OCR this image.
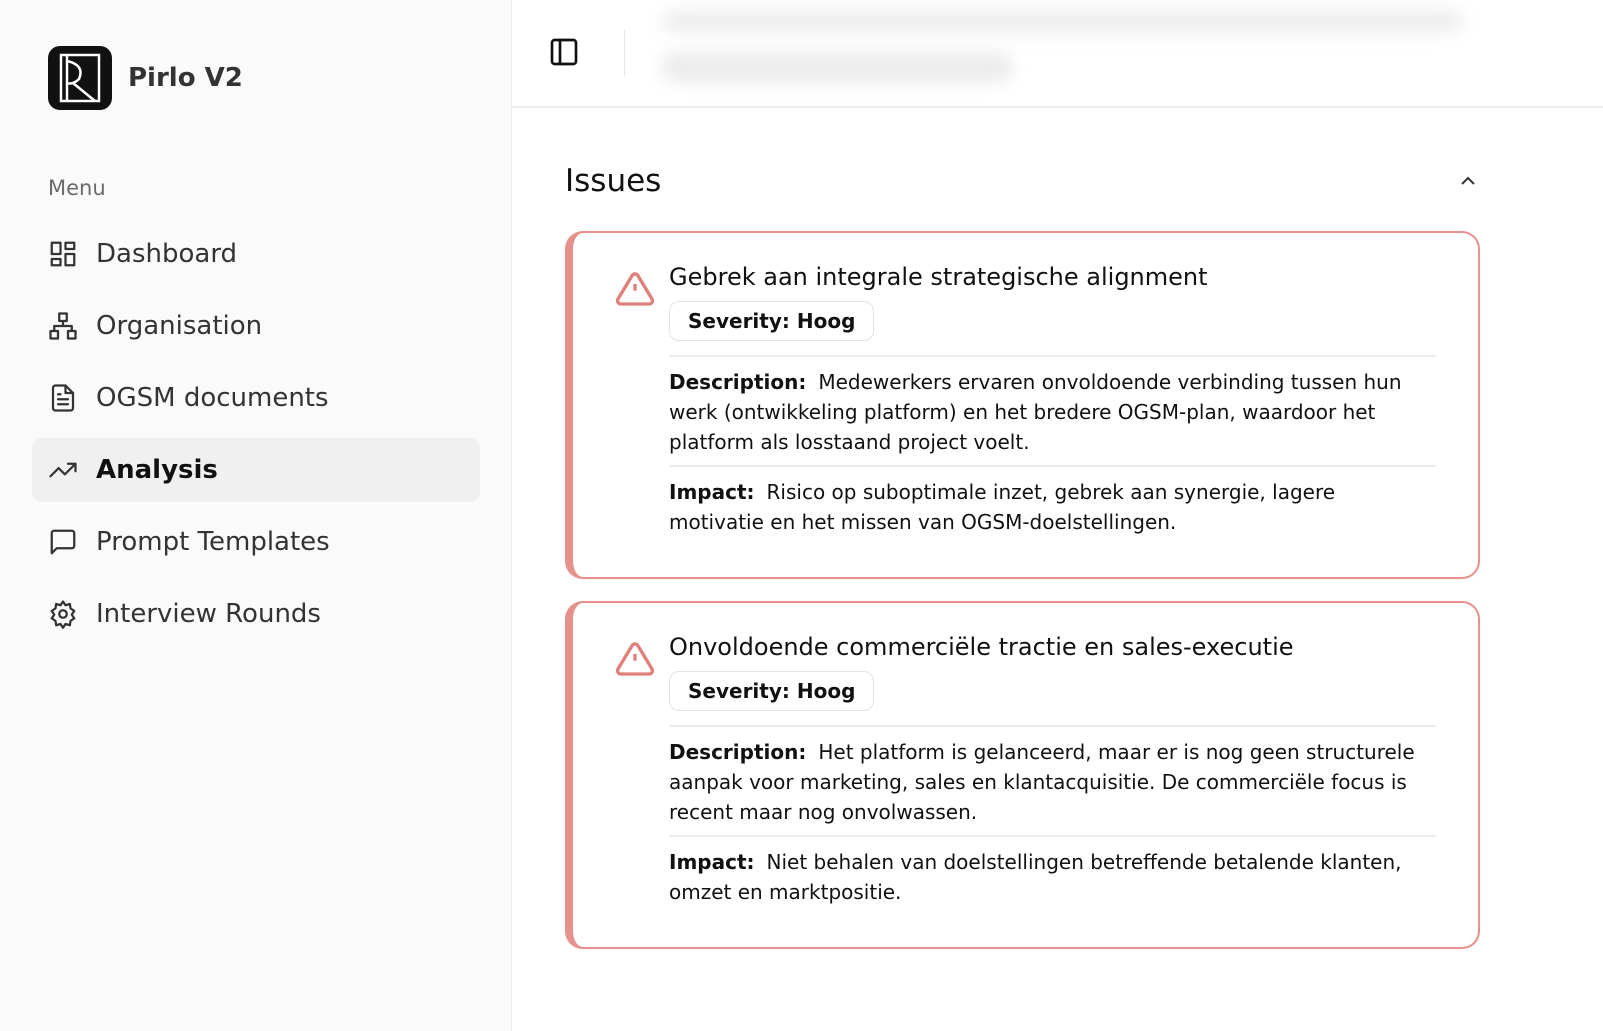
Pirlo V2
Menu
Dashboard
Organisation
OGSM documents
Analysis
Prompt Templates
Interview Rounds
Issues
Gebrek aan integrale strategische alignment
Severity: Hoog
Description: Medewerkers ervaren onvoldoende verbinding tussen hun werk (ontwikkeling platform) en het bredere OGSM-plan, waardoor het platform als losstaand project voelt.
Impact: Risico op suboptimale inzet, gebrek aan synergie, lagere motivatie en het missen van OGSM-doelstellingen.
Onvoldoende commerciële tractie en sales-executie
Severity: Hoog
Description: Het platform is gelanceerd, maar er is nog geen structurele aanpak voor marketing, sales en klantacquisitie. De commerciële focus is recent maar nog onvolwassen.
Impact: Niet behalen van doelstellingen betreffende betalende klanten, omzet en marktpositie.
